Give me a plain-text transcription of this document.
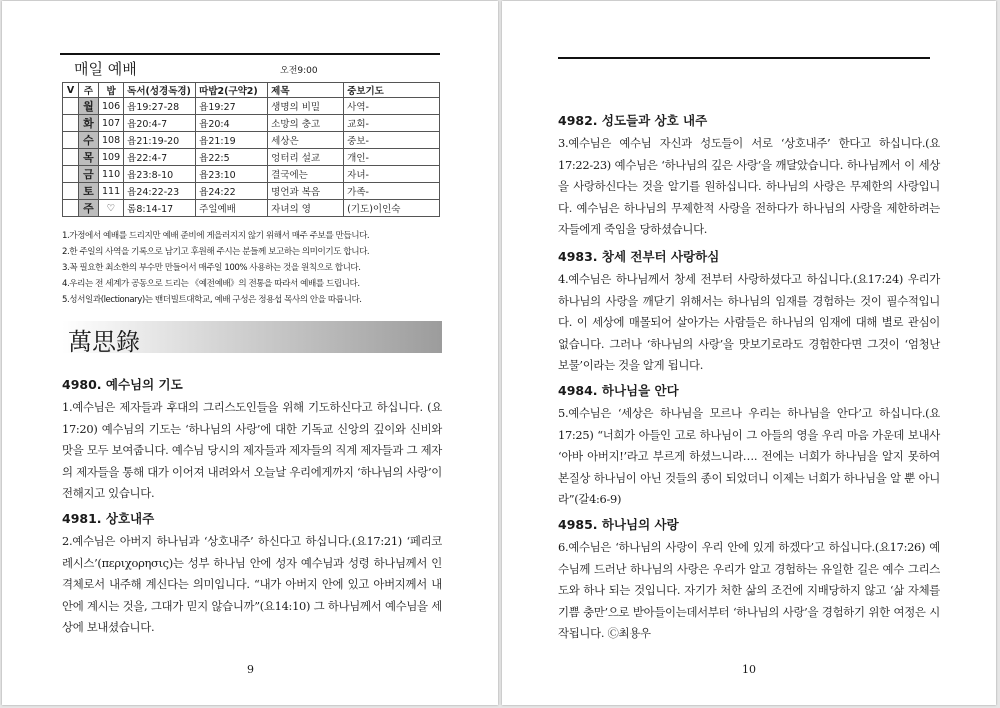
매일 예배	오전9:00
V	주	밥	독서(성경독경)	따밥2(구약2)	제목	중보기도
	월	106	욥19:27-28	욥19:27	생명의 비밀	사역-
	화	107	욥20:4-7	욥20:4	소망의 충고	교회-
	수	108	욥21:19-20	욥21:19	세상은	중보-
	목	109	욥22:4-7	욥22:5	엉터리 설교	개인-
	금	110	욥23:8-10	욥23:10	결국에는	자녀-
	토	111	욥24:22-23	욥24:22	명언과 복음	가족-
	주	♡	롬8:14-17	주일예배	자녀의 영	(기도)이인숙
1.가정에서 예배를 드리지만 예배 준비에 게을러지지 않기 위해서 매주 주보를 만듭니다.
2.한 주일의 사역을 기록으로 남기고 후원해 주시는 분들께 보고하는 의미이기도 합니다.
3.꼭 필요한 최소한의 부수만 만들어서 매주일 100% 사용하는 것을 원칙으로 합니다.
4.우리는 전 세계가 공동으로 드리는 《예전예배》의 전통을 따라서 예배를 드립니다.
5.성서일과(lectionary)는 밴더빌트대학교, 예배 구성은 정용섭 목사의 안을 따릅니다.
萬思錄
4980. 예수님의 기도

1.예수님은 제자들과 후대의 그리스도인들을 위해 기도하신다고 하십니다. (요17:20) 예수님의 기도는 ‘하나님의 사랑’에 대한 기독교 신앙의 깊이와 신비와 맛을 모두 보여줍니다. 예수님 당시의 제자들과 제자들의 직계 제자들과 그 제자의 제자들을 통해 대가 이어져 내려와서 오늘날 우리에게까지 ‘하나님의 사랑’이 전해지고 있습니다.

4981. 상호내주

2.예수님은 아버지 하나님과 ‘상호내주’ 하신다고 하십니다.(요17:21) ‘페리코레시스’(περιχορησις)는 성부 하나님 안에 성자 예수님과 성령 하나님께서 인격체로서 내주해 계신다는 의미입니다. “내가 아버지 안에 있고 아버지께서 내 안에 계시는 것을, 그대가 믿지 않습니까”(요14:10) 그 하나님께서 예수님을 세상에 보내셨습니다.

9
4982. 성도들과 상호 내주

3.예수님은 예수님 자신과 성도들이 서로 ‘상호내주’ 한다고 하십니다.(요17:22-23) 예수님은 ‘하나님의 깊은 사랑’을 깨달았습니다. 하나님께서 이 세상을 사랑하신다는 것을 알기를 원하십니다. 하나님의 사랑은 무제한의 사랑입니다. 예수님은 하나님의 무제한적 사랑을 전하다가 하나님의 사랑을 제한하려는 자들에게 죽임을 당하셨습니다.

4983. 창세 전부터 사랑하심

4.예수님은 하나님께서 창세 전부터 사랑하셨다고 하십니다.(요17:24) 우리가 하나님의 사랑을 깨닫기 위해서는 하나님의 임재를 경험하는 것이 필수적입니다. 이 세상에 매몰되어 살아가는 사람들은 하나님의 임재에 대해 별로 관심이 없습니다. 그러나 ‘하나님의 사랑’을 맛보기로라도 경험한다면 그것이 ‘엄청난 보물’이라는 것을 알게 됩니다.

4984. 하나님을 안다

5.예수님은 ‘세상은 하나님을 모르나 우리는 하나님을 안다’고 하십니다.(요17:25) “너희가 아들인 고로 하나님이 그 아들의 영을 우리 마음 가운데 보내사 ‘아바 아버지!’라고 부르게 하셨느니라…. 전에는 너희가 하나님을 알지 못하여 본질상 하나님이 아닌 것들의 종이 되었더니 이제는 너희가 하나님을 알 뿐 아니라”(갈4:6-9)

4985. 하나님의 사랑

6.예수님은 ‘하나님의 사랑이 우리 안에 있게 하겠다’고 하십니다.(요17:26) 예수님께 드러난 하나님의 사랑은 우리가 알고 경험하는 유일한 길은 예수 그리스도와 하나 되는 것입니다. 자기가 처한 삶의 조건에 지배당하지 않고 ‘삶 자체를 기쁨 충만’으로 받아들이는데서부터 ‘하나님의 사랑’을 경험하기 위한 여정은 시작됩니다. Ⓒ최용우

10
